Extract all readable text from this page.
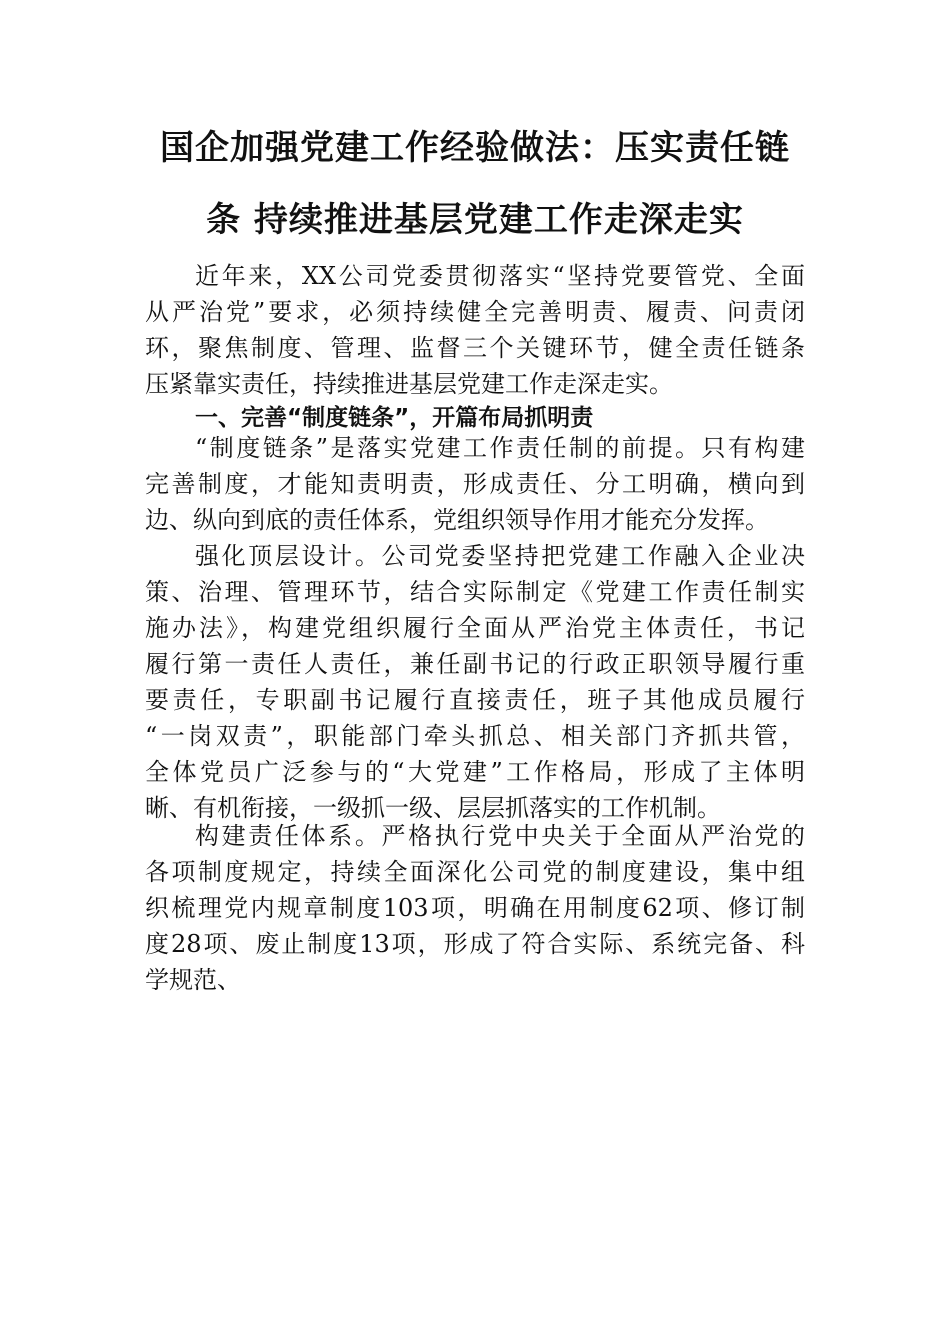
国企加强党建工作经验做法：压实责任链
条 持续推进基层党建工作走深走实
近年来，XX公司党委贯彻落实“坚持党要管党、全面
从严治党”要求，必须持续健全完善明责、履责、问责闭
环，聚焦制度、管理、监督三个关键环节，健全责任链条
压紧靠实责任，持续推进基层党建工作走深走实。
一、完善“制度链条”，开篇布局抓明责
“制度链条”是落实党建工作责任制的前提。只有构建
完善制度，才能知责明责，形成责任、分工明确，横向到
边、纵向到底的责任体系，党组织领导作用才能充分发挥。
强化顶层设计。公司党委坚持把党建工作融入企业决
策、治理、管理环节，结合实际制定《党建工作责任制实
施办法》，构建党组织履行全面从严治党主体责任，书记
履行第一责任人责任，兼任副书记的行政正职领导履行重
要责任，专职副书记履行直接责任，班子其他成员履行
“一岗双责”，职能部门牵头抓总、相关部门齐抓共管，
全体党员广泛参与的“大党建”工作格局，形成了主体明
晰、有机衔接，一级抓一级、层层抓落实的工作机制。
构建责任体系。严格执行党中央关于全面从严治党的
各项制度规定，持续全面深化公司党的制度建设，集中组
织梳理党内规章制度103项，明确在用制度62项、修订制
度28项、废止制度13项，形成了符合实际、系统完备、科
学规范、
